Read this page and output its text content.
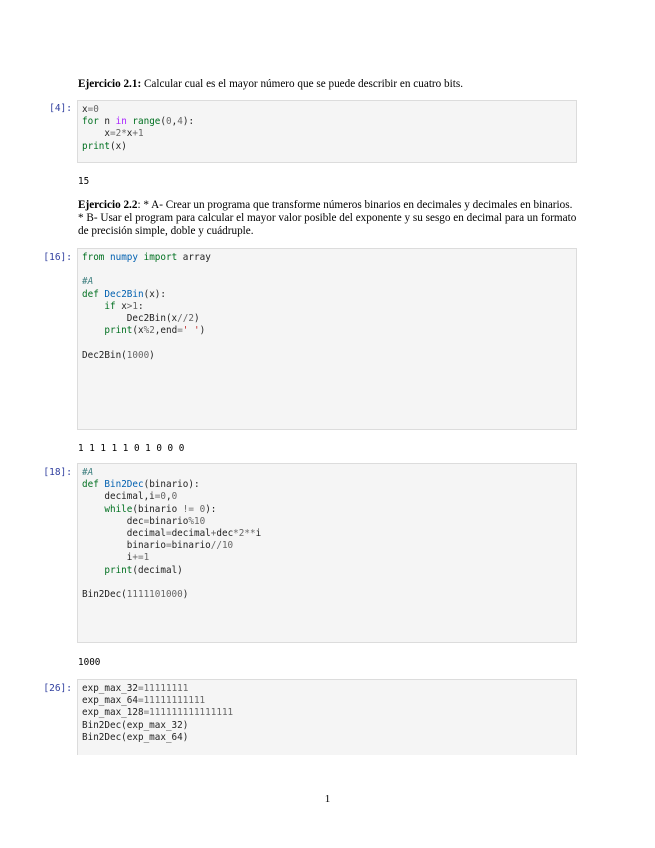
Ejercicio 2.1: Calcular cual es el mayor número que se puede describir en cuatro bits.
[4]: x=0
for n in range(0,4):
x=2*x+1
print(x)
15
Ejercicio 2.2: * A- Crear un programa que transforme números binarios en decimales y decimales en binarios. * B- Usar el program para calcular el mayor valor posible del exponente y su sesgo en decimal para un formato de precisión simple, doble y cuádruple.
[16]: from numpy import array

#A
def Dec2Bin(x):
if x>1:
Dec2Bin(x//2)
print(x%2,end=' ')

Dec2Bin(1000)
1 1 1 1 1 0 1 0 0 0
[18]: #A
def Bin2Dec(binario):
decimal,i=0,0
while(binario != 0):
dec=binario%10
decimal=decimal+dec*2**i
binario=binario//10
i+=1
print(decimal)

Bin2Dec(1111101000)
1000
[26]: exp_max_32=11111111
exp_max_64=11111111111
exp_max_128=111111111111111
Bin2Dec(exp_max_32)
Bin2Dec(exp_max_64)
1
